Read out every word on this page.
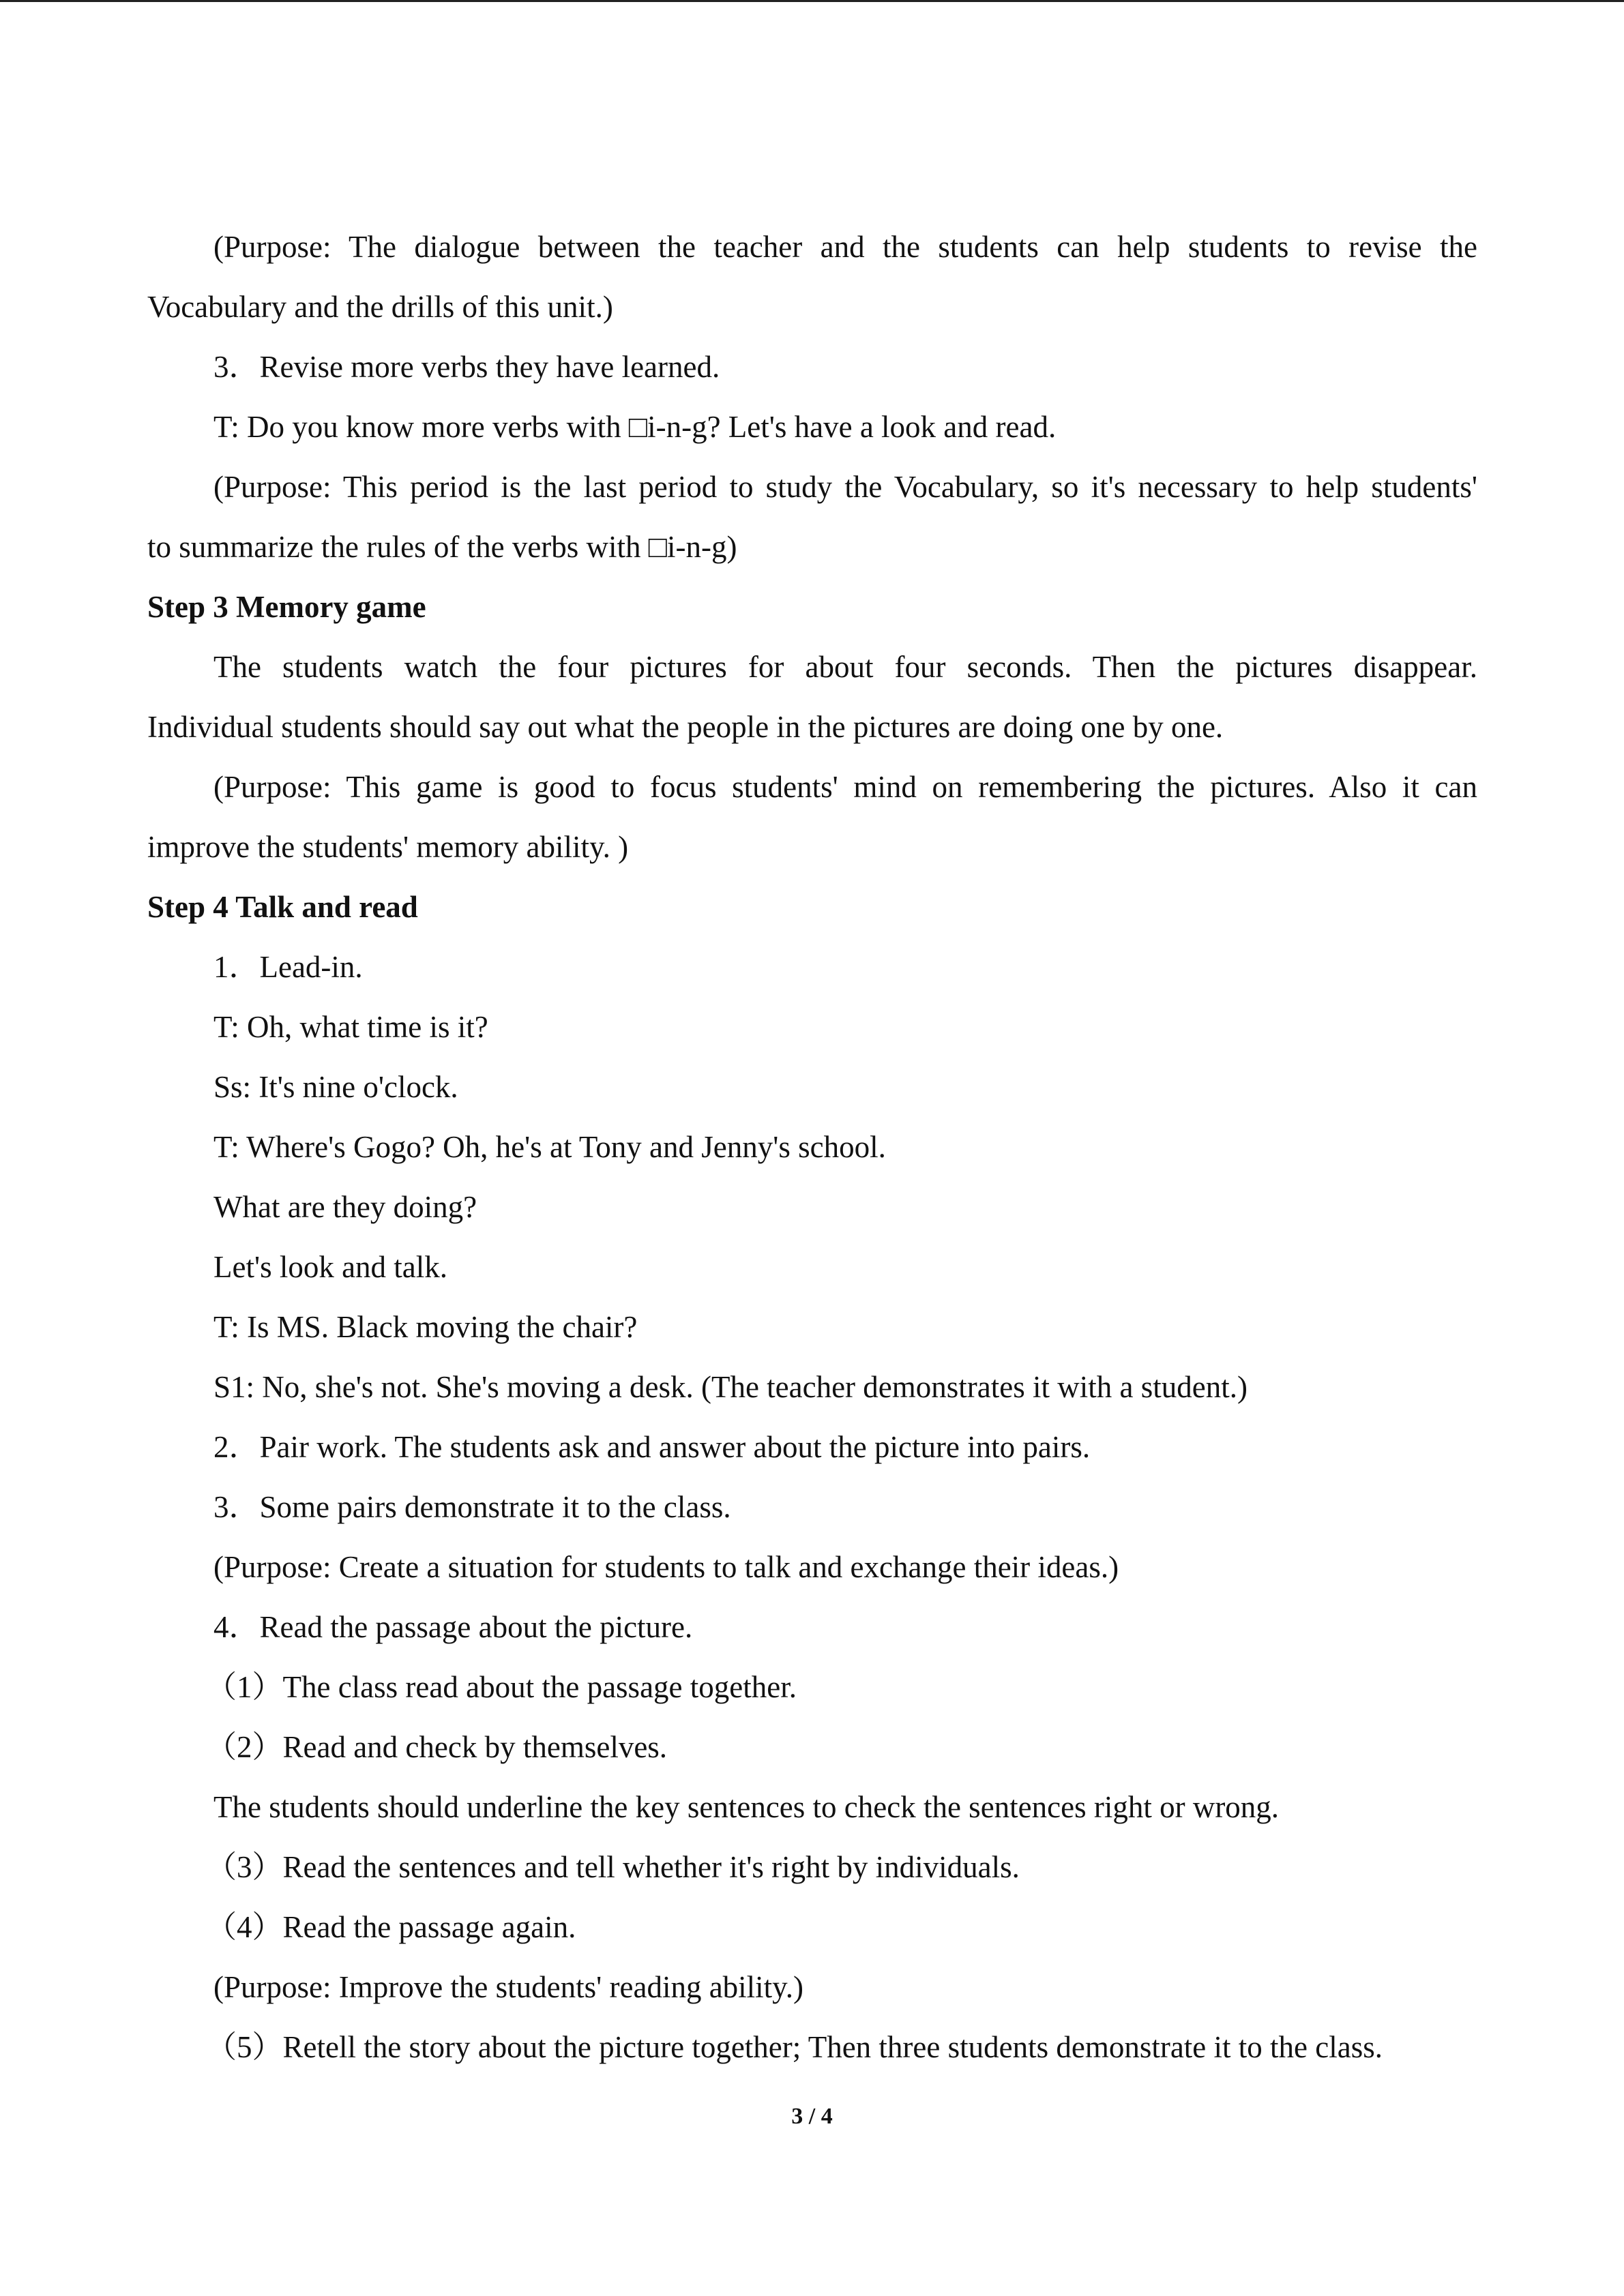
(Purpose: The dialogue between the teacher and the students can help students to revise the
Vocabulary and the drills of this unit.)
3．Revise more verbs they have learned.
T: Do you know more verbs with □i-n-g? Let's have a look and read.
(Purpose: This period is the last period to study the Vocabulary, so it's necessary to help students'
to summarize the rules of the verbs with □i-n-g)
Step 3 Memory game
The students watch the four pictures for about four seconds. Then the pictures disappear.
Individual students should say out what the people in the pictures are doing one by one.
(Purpose: This game is good to focus students' mind on remembering the pictures. Also it can
improve the students' memory ability. )
Step 4 Talk and read
1．Lead-in.
T: Oh, what time is it?
Ss: It's nine o'clock.
T: Where's Gogo? Oh, he's at Tony and Jenny's school.
What are they doing?
Let's look and talk.
T: Is MS. Black moving the chair?
S1: No, she's not. She's moving a desk. (The teacher demonstrates it with a student.)
2．Pair work. The students ask and answer about the picture into pairs.
3．Some pairs demonstrate it to the class.
(Purpose: Create a situation for students to talk and exchange their ideas.)
4．Read the passage about the picture.
（1）The class read about the passage together.
（2）Read and check by themselves.
The students should underline the key sentences to check the sentences right or wrong.
（3）Read the sentences and tell whether it's right by individuals.
（4）Read the passage again.
(Purpose: Improve the students' reading ability.)
（5）Retell the story about the picture together; Then three students demonstrate it to the class.
3 / 4
